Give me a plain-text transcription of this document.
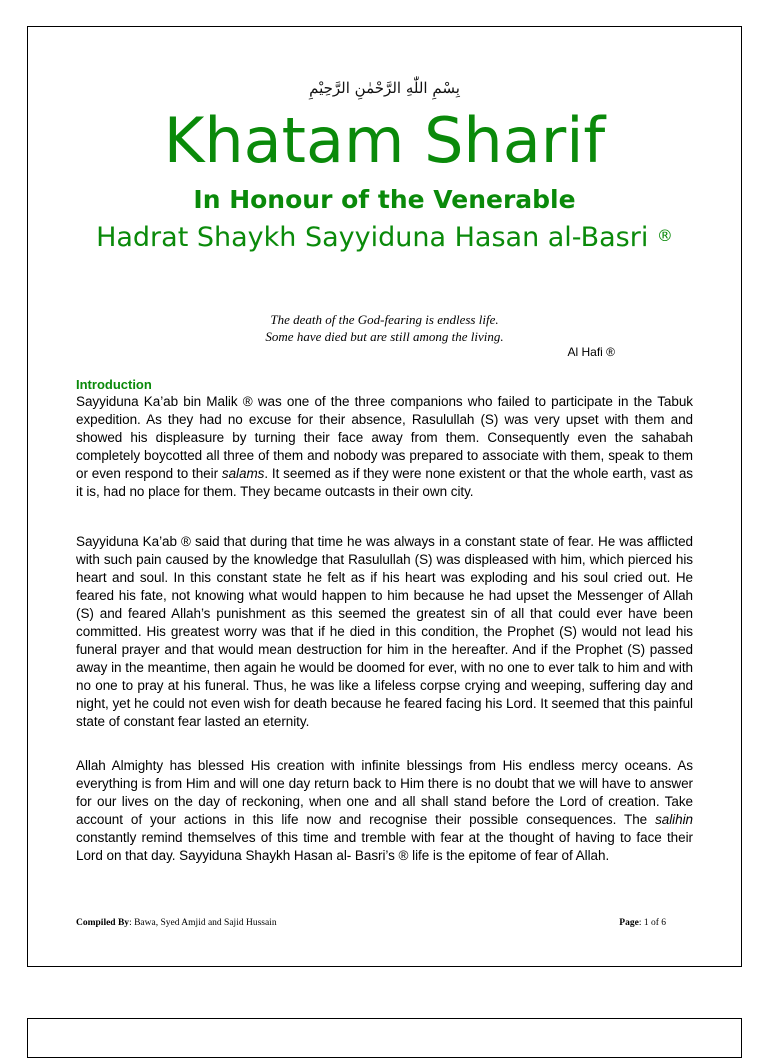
بِسْمِ اللّٰهِ الرَّحْمٰنِ الرَّحِيْمِ
Khatam Sharif
In Honour of the Venerable
Hadrat Shaykh Sayyiduna Hasan al-Basri ®
The death of the God-fearing is endless life.
Some have died but are still among the living.
Al Hafi ®
Introduction
Sayyiduna Ka’ab bin Malik ® was one of the three companions who failed to participate in the Tabuk expedition. As they had no excuse for their absence, Rasulullah (S) was very upset with them and showed his displeasure by turning their face away from them. Consequently even the sahabah completely boycotted all three of them and nobody was prepared to associate with them, speak to them or even respond to their salams. It seemed as if they were none existent or that the whole earth, vast as it is, had no place for them. They became outcasts in their own city.
Sayyiduna Ka’ab ® said that during that time he was always in a constant state of fear. He was afflicted with such pain caused by the knowledge that Rasulullah (S) was displeased with him, which pierced his heart and soul. In this constant state he felt as if his heart was exploding and his soul cried out. He feared his fate, not knowing what would happen to him because he had upset the Messenger of Allah (S) and feared Allah’s punishment as this seemed the greatest sin of all that could ever have been committed. His greatest worry was that if he died in this condition, the Prophet (S) would not lead his funeral prayer and that would mean destruction for him in the hereafter. And if the Prophet (S) passed away in the meantime, then again he would be doomed for ever, with no one to ever talk to him and with no one to pray at his funeral. Thus, he was like a lifeless corpse crying and weeping, suffering day and night, yet he could not even wish for death because he feared facing his Lord. It seemed that this painful state of constant fear lasted an eternity.
Allah Almighty has blessed His creation with infinite blessings from His endless mercy oceans. As everything is from Him and will one day return back to Him there is no doubt that we will have to answer for our lives on the day of reckoning, when one and all shall stand before the Lord of creation. Take account of your actions in this life now and recognise their possible consequences. The salihin constantly remind themselves of this time and tremble with fear at the thought of having to face their Lord on that day. Sayyiduna Shaykh Hasan al- Basri’s ® life is the epitome of fear of Allah.
Compiled By: Bawa, Syed Amjid and Sajid Hussain	Page: 1 of 6
